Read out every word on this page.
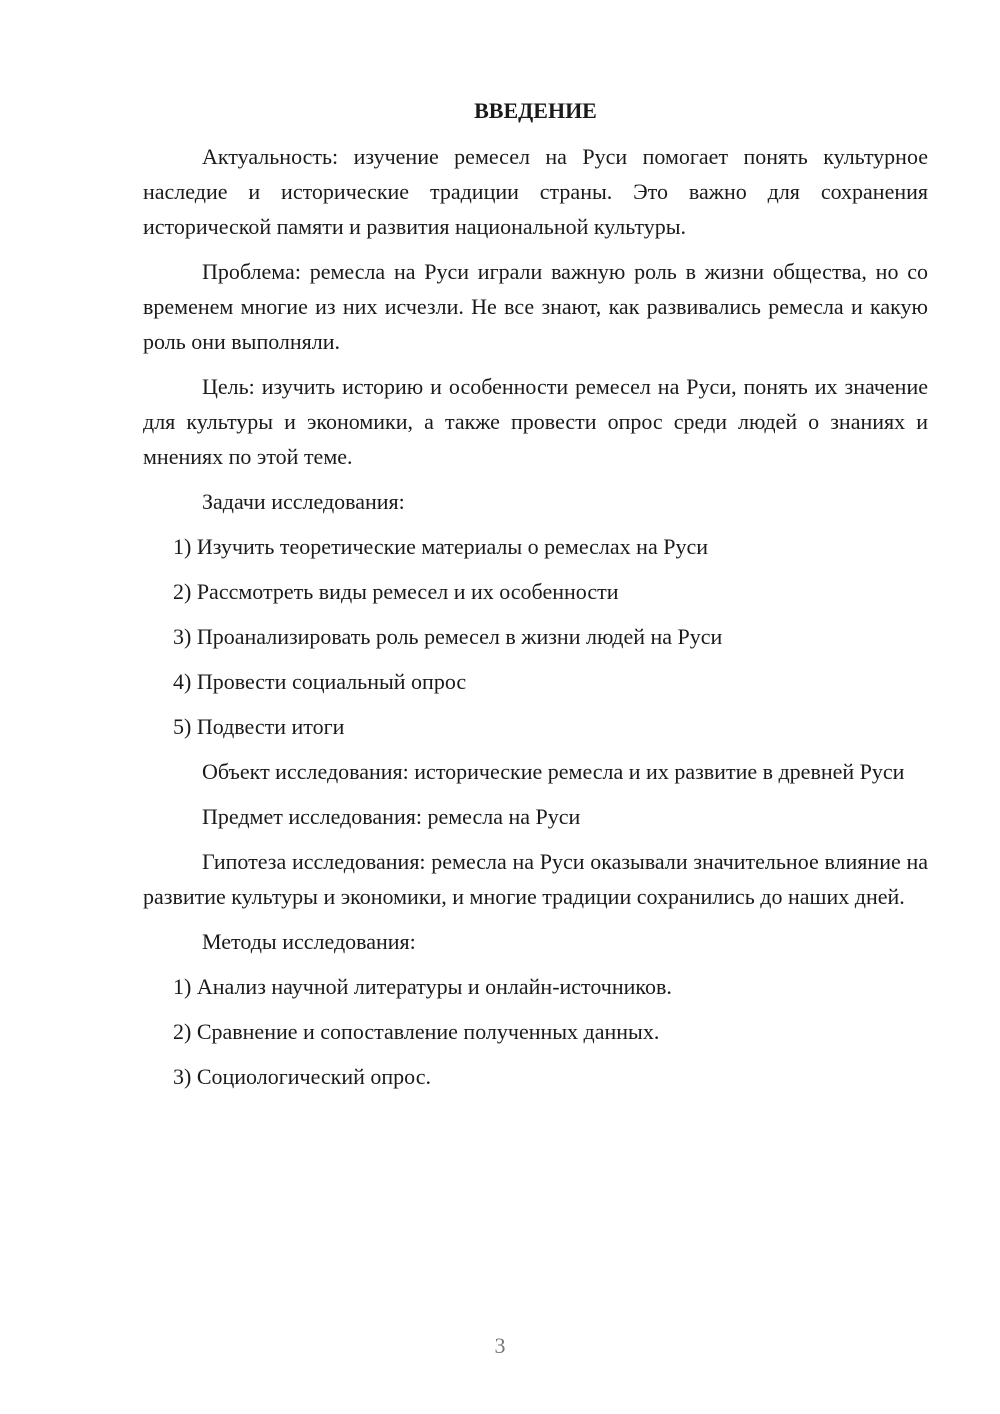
ВВЕДЕНИЕ

Актуальность: изучение ремесел на Руси помогает понять культурное наследие и исторические традиции страны. Это важно для сохранения исторической памяти и развития национальной культуры.

Проблема: ремесла на Руси играли важную роль в жизни общества, но со временем многие из них исчезли. Не все знают, как развивались ремесла и какую роль они выполняли.

Цель: изучить историю и особенности ремесел на Руси, понять их значение для культуры и экономики, а также провести опрос среди людей о знаниях и мнениях по этой теме.

Задачи исследования:

1) Изучить теоретические материалы о ремеслах на Руси
2) Рассмотреть виды ремесел и их особенности
3) Проанализировать роль ремесел в жизни людей на Руси
4) Провести социальный опрос
5) Подвести итоги

Объект исследования: исторические ремесла и их развитие в древней Руси

Предмет исследования: ремесла на Руси

Гипотеза исследования: ремесла на Руси оказывали значительное влияние на развитие культуры и экономики, и многие традиции сохранились до наших дней.

Методы исследования:

1) Анализ научной литературы и онлайн-источников.
2) Сравнение и сопоставление полученных данных.
3) Социологический опрос.
3
